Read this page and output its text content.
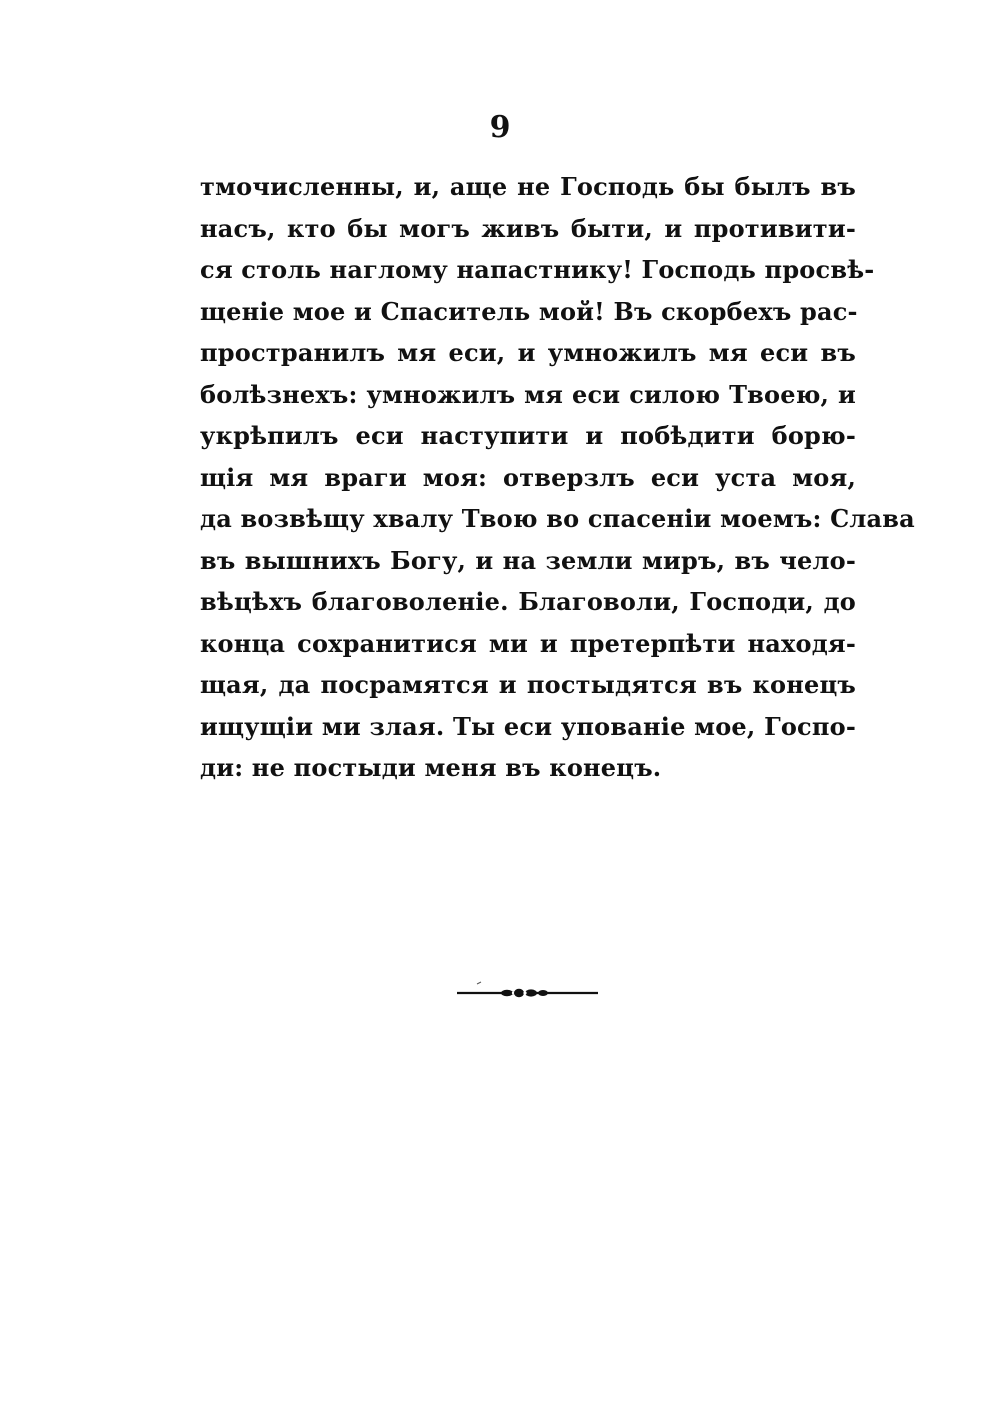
9
тмочисленны, и, аще не Господь бы былъ въ
насъ, кто бы могъ живъ быти, и противити-
ся столь наглому напастнику! Господь просвѣ-
щеніе мое и Спаситель мой! Въ скорбехъ рас-
пространилъ мя еси, и умножилъ мя еси въ
болѣзнехъ: умножилъ мя еси силою Твоею, и
укрѣпилъ еси наступити и побѣдити борю-
щія мя враги моя: отверзлъ еси уста моя,
да возвѣщу хвалу Твою во спасеніи моемъ: Слава
въ вышнихъ Богу, и на земли миръ, въ чело-
вѣцѣхъ благоволеніе. Благоволи, Господи, до
конца сохранитися ми и претерпѣти находя-
щая, да посрамятся и постыдятся въ конецъ
ищущіи ми злая. Ты еси упованіе мое, Госпо-
ди: не постыди меня въ конецъ.
